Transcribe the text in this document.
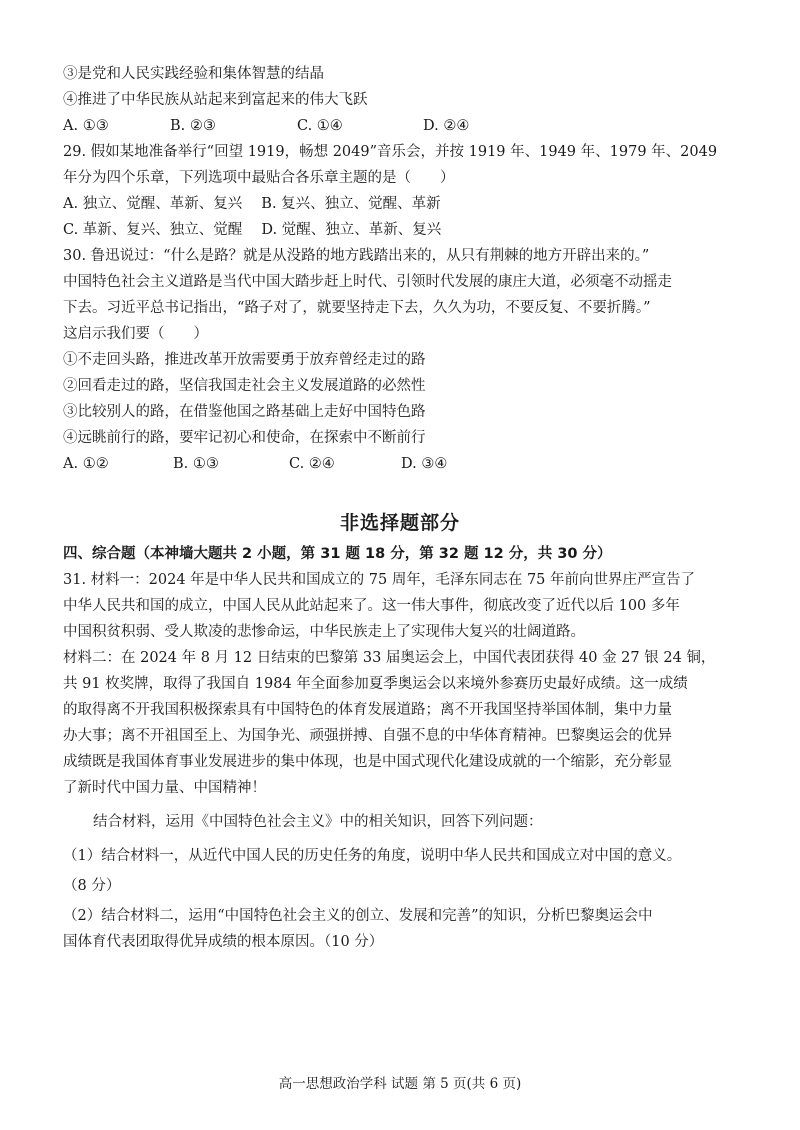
③是党和人民实践经验和集体智慧的结晶
④推进了中华民族从站起来到富起来的伟大飞跃
A. ①③	B. ②③	C. ①④	D. ②④
29. 假如某地准备举行“回望 1919，畅想 2049”音乐会，并按 1919 年、1949 年、1979 年、2049
年分为四个乐章，下列选项中最贴合各乐章主题的是（　　）
A. 独立、觉醒、革新、复兴　 B. 复兴、独立、觉醒、革新
C. 革新、复兴、独立、觉醒　 D. 觉醒、独立、革新、复兴
30. 鲁迅说过：“什么是路？就是从没路的地方践踏出来的，从只有荆棘的地方开辟出来的。”
中国特色社会主义道路是当代中国大踏步赶上时代、引领时代发展的康庄大道，必须毫不动摇走
下去。习近平总书记指出，“路子对了，就要坚持走下去，久久为功，不要反复、不要折腾。”
这启示我们要（　　）
①不走回头路，推进改革开放需要勇于放弃曾经走过的路
②回看走过的路，坚信我国走社会主义发展道路的必然性
③比较别人的路，在借鉴他国之路基础上走好中国特色路
④远眺前行的路，要牢记初心和使命，在探索中不断前行
A. ①②	B. ①③	C. ②④	D. ③④
非选择题部分
四、综合题（本神墙大题共 2 小题，第 31 题 18 分，第 32 题 12 分，共 30 分）
31. 材料一：2024 年是中华人民共和国成立的 75 周年，毛泽东同志在 75 年前向世界庄严宣告了
中华人民共和国的成立，中国人民从此站起来了。这一伟大事件，彻底改变了近代以后 100 多年
中国积贫积弱、受人欺凌的悲惨命运，中华民族走上了实现伟大复兴的壮阔道路。
材料二：在 2024 年 8 月 12 日结束的巴黎第 33 届奥运会上，中国代表团获得 40 金 27 银 24 铜，
共 91 枚奖牌，取得了我国自 1984 年全面参加夏季奥运会以来境外参赛历史最好成绩。这一成绩
的取得离不开我国积极探索具有中国特色的体育发展道路；离不开我国坚持举国体制，集中力量
办大事；离不开祖国至上、为国争光、顽强拼搏、自强不息的中华体育精神。巴黎奥运会的优异
成绩既是我国体育事业发展进步的集中体现，也是中国式现代化建设成就的一个缩影，充分彰显
了新时代中国力量、中国精神！
结合材料，运用《中国特色社会主义》中的相关知识，回答下列问题：
（1）结合材料一，从近代中国人民的历史任务的角度，说明中华人民共和国成立对中国的意义。
（8 分）
（2）结合材料二，运用“中国特色社会主义的创立、发展和完善”的知识，分析巴黎奥运会中
国体育代表团取得优异成绩的根本原因。（10 分）
高一思想政治学科 试题 第 5 页(共 6 页)
